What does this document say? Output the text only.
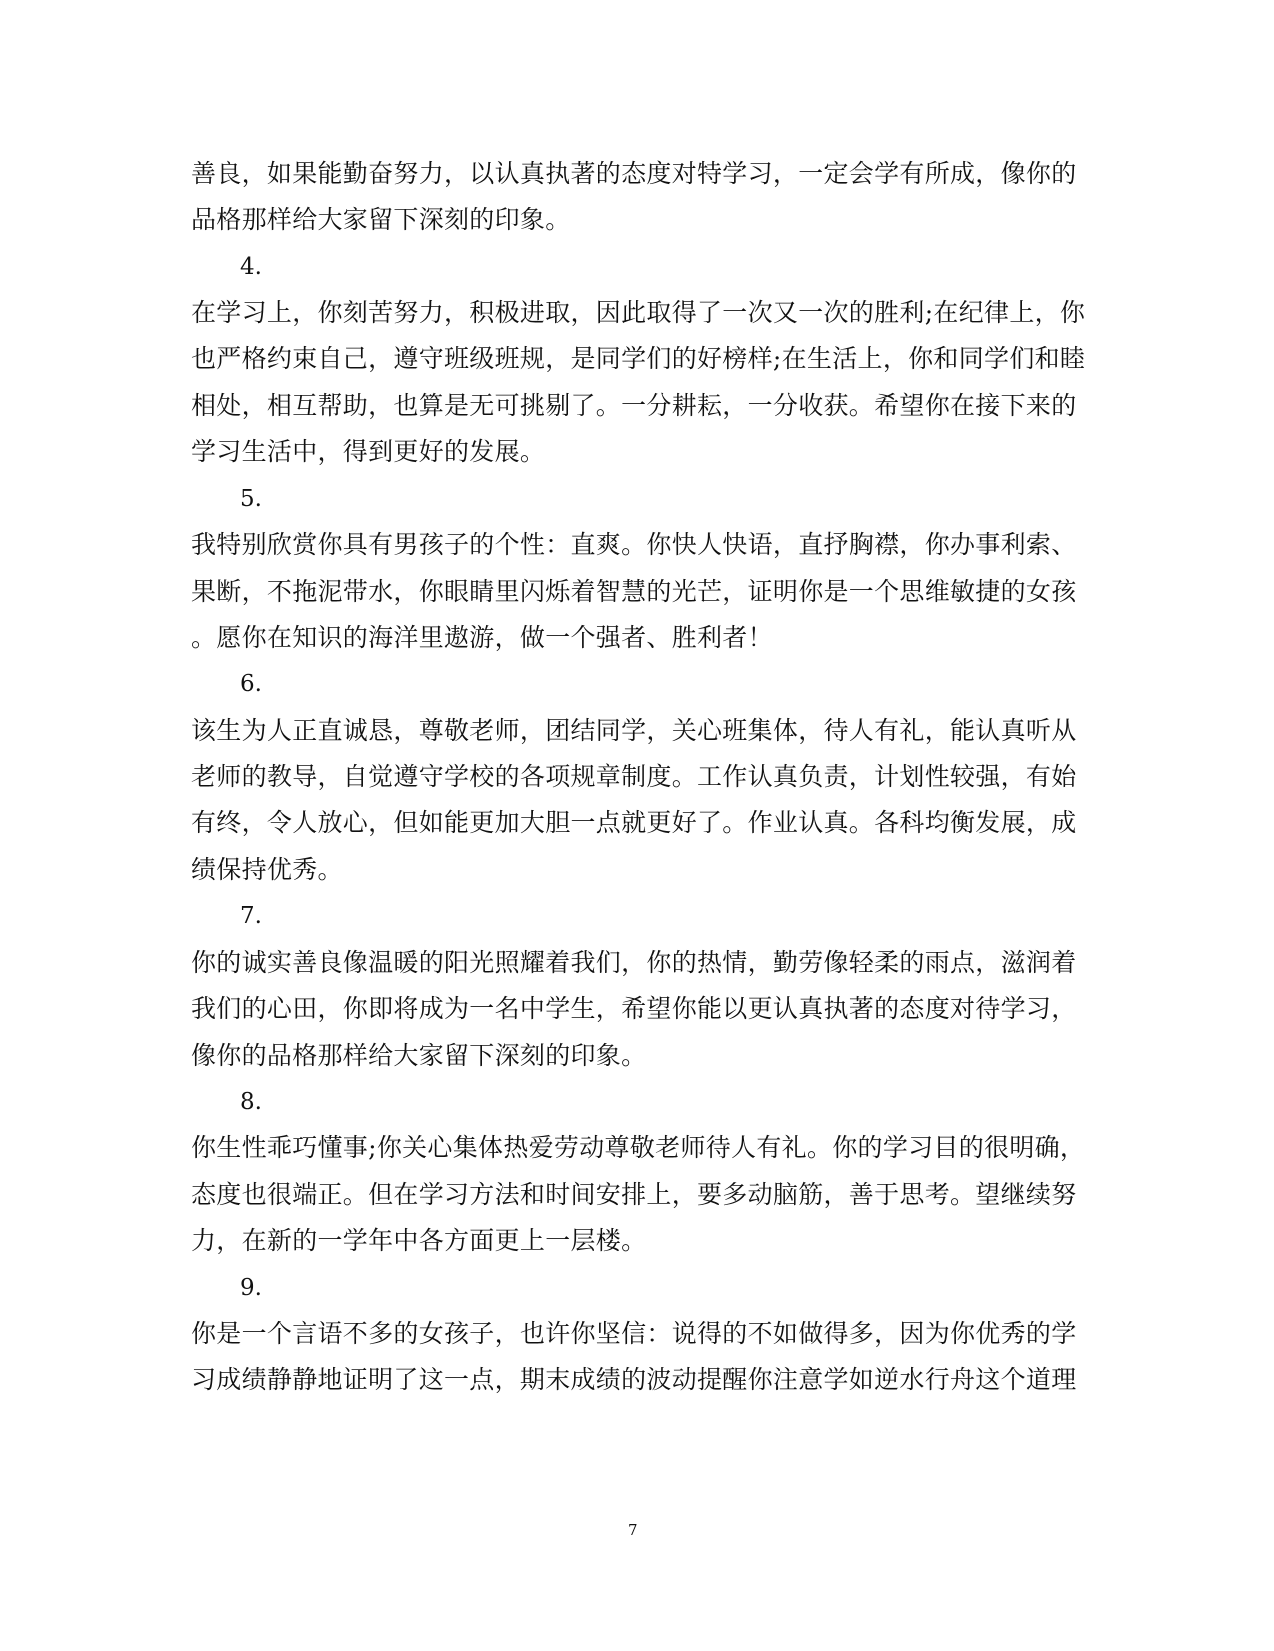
善良，如果能勤奋努力，以认真执著的态度对特学习，一定会学有所成，像你的
品格那样给大家留下深刻的印象。
4.
在学习上，你刻苦努力，积极进取，因此取得了一次又一次的胜利;在纪律上，你
也严格约束自己，遵守班级班规，是同学们的好榜样;在生活上，你和同学们和睦
相处，相互帮助，也算是无可挑剔了。一分耕耘，一分收获。希望你在接下来的
学习生活中，得到更好的发展。
5.
我特别欣赏你具有男孩子的个性：直爽。你快人快语，直抒胸襟，你办事利索、
果断，不拖泥带水，你眼睛里闪烁着智慧的光芒，证明你是一个思维敏捷的女孩
。愿你在知识的海洋里遨游，做一个强者、胜利者！
6.
该生为人正直诚恳，尊敬老师，团结同学，关心班集体，待人有礼，能认真听从
老师的教导，自觉遵守学校的各项规章制度。工作认真负责，计划性较强，有始
有终，令人放心，但如能更加大胆一点就更好了。作业认真。各科均衡发展，成
绩保持优秀。
7.
你的诚实善良像温暖的阳光照耀着我们，你的热情，勤劳像轻柔的雨点，滋润着
我们的心田，你即将成为一名中学生，希望你能以更认真执著的态度对待学习，
像你的品格那样给大家留下深刻的印象。
8.
你生性乖巧懂事;你关心集体热爱劳动尊敬老师待人有礼。你的学习目的很明确，
态度也很端正。但在学习方法和时间安排上，要多动脑筋，善于思考。望继续努
力，在新的一学年中各方面更上一层楼。
9.
你是一个言语不多的女孩子，也许你坚信：说得的不如做得多，因为你优秀的学
习成绩静静地证明了这一点，期末成绩的波动提醒你注意学如逆水行舟这个道理
7
